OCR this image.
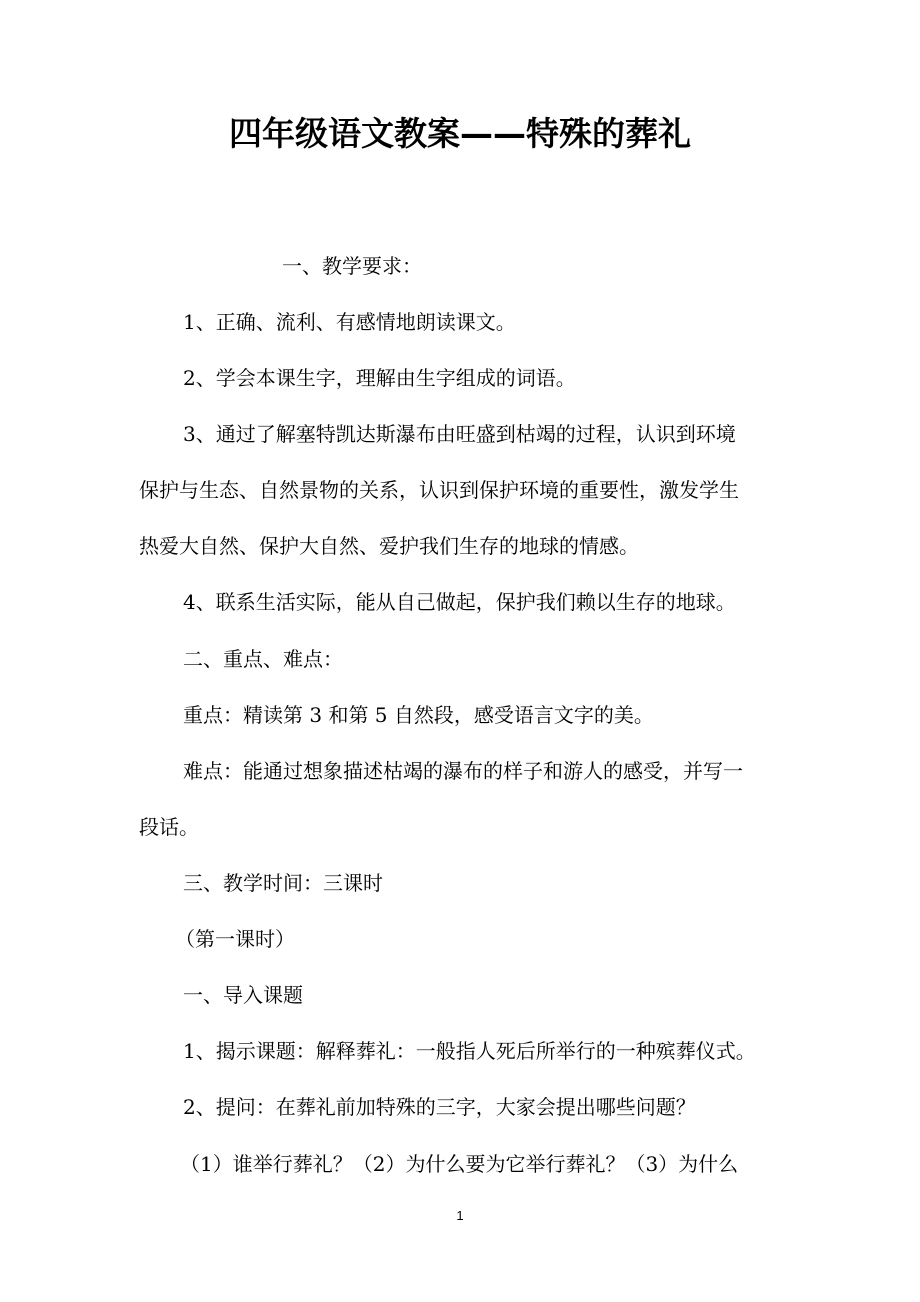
四年级语文教案——特殊的葬礼
一、教学要求：
1、正确、流利、有感情地朗读课文。
2、学会本课生字，理解由生字组成的词语。
3、通过了解塞特凯达斯瀑布由旺盛到枯竭的过程，认识到环境
保护与生态、自然景物的关系，认识到保护环境的重要性，激发学生
热爱大自然、保护大自然、爱护我们生存的地球的情感。
4、联系生活实际，能从自己做起，保护我们赖以生存的地球。
二、重点、难点：
重点：精读第 3 和第 5 自然段，感受语言文字的美。
难点：能通过想象描述枯竭的瀑布的样子和游人的感受，并写一
段话。
三、教学时间：三课时
（第一课时）
一、导入课题
1、揭示课题：解释葬礼：一般指人死后所举行的一种殡葬仪式。
2、提问：在葬礼前加特殊的三字，大家会提出哪些问题？
（1）谁举行葬礼？（2）为什么要为它举行葬礼？（3）为什么
1
